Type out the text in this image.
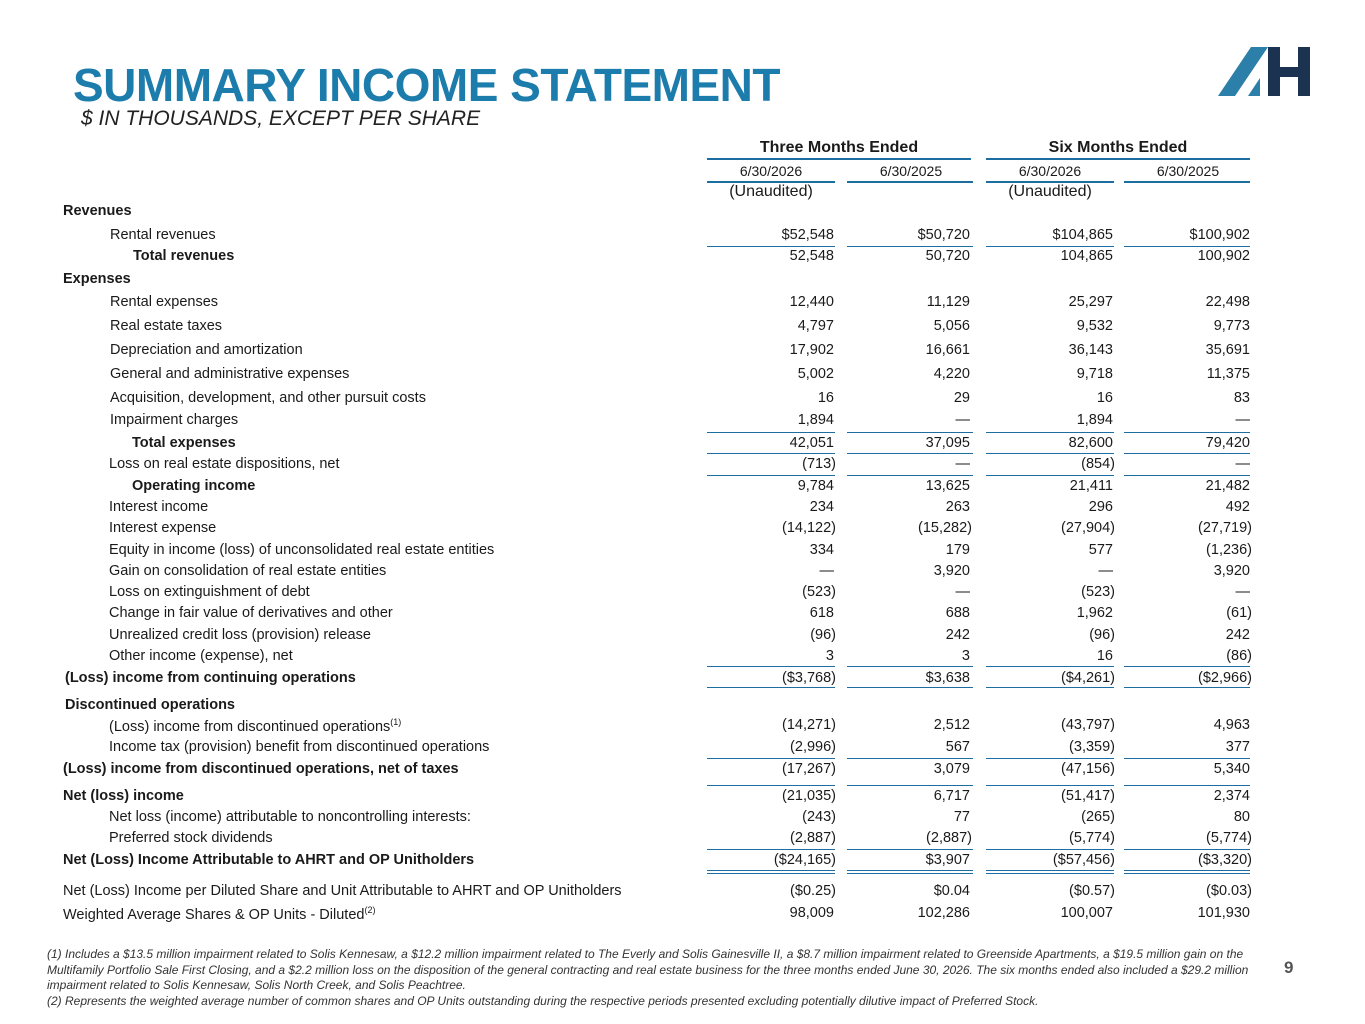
SUMMARY INCOME STATEMENT
$ IN THOUSANDS, EXCEPT PER SHARE
Three Months Ended	Six Months Ended
6/30/2026	6/30/2025	6/30/2026	6/30/2025
(Unaudited)	(Unaudited)
Revenues
Rental revenues	$52,548	$50,720	$104,865	$100,902
Total revenues	52,548	50,720	104,865	100,902
Expenses
Rental expenses	12,440	11,129	25,297	22,498
Real estate taxes	4,797	5,056	9,532	9,773
Depreciation and amortization	17,902	16,661	36,143	35,691
General and administrative expenses	5,002	4,220	9,718	11,375
Acquisition, development, and other pursuit costs	16	29	16	83
Impairment charges	1,894	—	1,894	—
Total expenses	42,051	37,095	82,600	79,420
Loss on real estate dispositions, net	(713)	—	(854)	—
Operating income	9,784	13,625	21,411	21,482
Interest income	234	263	296	492
Interest expense	(14,122)	(15,282)	(27,904)	(27,719)
Equity in income (loss) of unconsolidated real estate entities	334	179	577	(1,236)
Gain on consolidation of real estate entities	—	3,920	—	3,920
Loss on extinguishment of debt	(523)	—	(523)	—
Change in fair value of derivatives and other	618	688	1,962	(61)
Unrealized credit loss (provision) release	(96)	242	(96)	242
Other income (expense), net	3	3	16	(86)
(Loss) income from continuing operations	($3,768)	$3,638	($4,261)	($2,966)
Discontinued operations
(Loss) income from discontinued operations$^{(1)}$	(14,271)	2,512	(43,797)	4,963
Income tax (provision) benefit from discontinued operations	(2,996)	567	(3,359)	377
(Loss) income from discontinued operations, net of taxes	(17,267)	3,079	(47,156)	5,340
Net (loss) income	(21,035)	6,717	(51,417)	2,374
Net loss (income) attributable to noncontrolling interests:	(243)	77	(265)	80
Preferred stock dividends	(2,887)	(2,887)	(5,774)	(5,774)
Net (Loss) Income Attributable to AHRT and OP Unitholders	($24,165)	$3,907	($57,456)	($3,320)
Net (Loss) Income per Diluted Share and Unit Attributable to AHRT and OP Unitholders	($0.25)	$0.04	($0.57)	($0.03)
Weighted Average Shares & OP Units - Diluted$^{(2)}$	98,009	102,286	100,007	101,930
(1) Includes a $13.5 million impairment related to Solis Kennesaw, a $12.2 million impairment related to The Everly and Solis Gainesville II, a $8.7 million impairment related to Greenside Apartments, a $19.5 million gain on the Multifamily Portfolio Sale First Closing, and a $2.2 million loss on the disposition of the general contracting and real estate business for the three months ended June 30, 2026. The six months ended also included a $29.2 million impairment related to Solis Kennesaw, Solis North Creek, and Solis Peachtree.
(2) Represents the weighted average number of common shares and OP Units outstanding during the respective periods presented excluding potentially dilutive impact of Preferred Stock.
9
